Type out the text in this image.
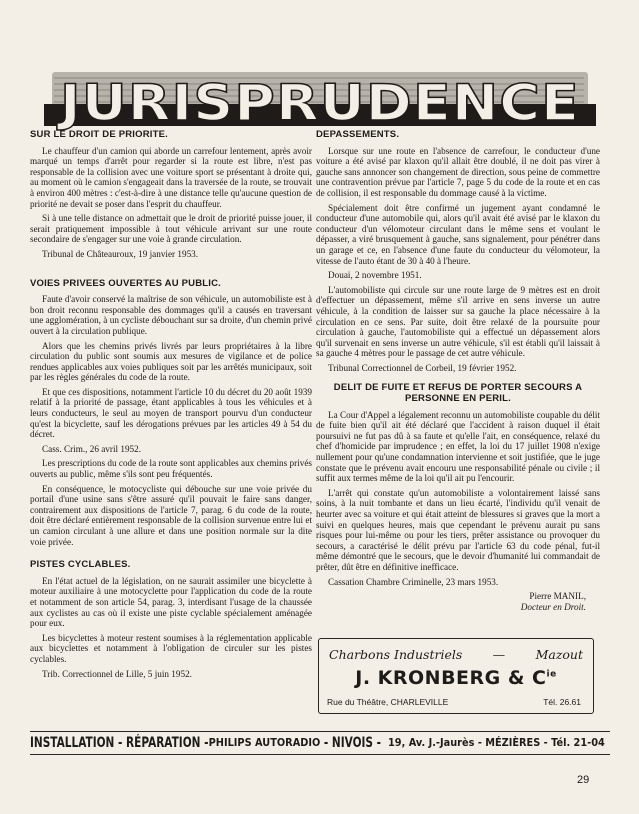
JURISPRUDENCE
SUR LE DROIT DE PRIORITE.

Le chauffeur d'un camion qui aborde un carrefour lentement, après avoir marqué un temps d'arrêt pour regarder si la route est libre, n'est pas responsable de la collision avec une voiture sport se présentant à droite qui, au moment où le camion s'engageait dans la traversée de la route, se trouvait à environ 400 mètres : c'est-à-dire à une distance telle qu'aucune question de priorité ne devait se poser dans l'esprit du chauffeur.

Si à une telle distance on admettait que le droit de priorité puisse jouer, il serait pratiquement impossible à tout véhicule arrivant sur une route secondaire de s'engager sur une voie à grande circulation.

Tribunal de Châteauroux, 19 janvier 1953.

VOIES PRIVEES OUVERTES AU PUBLIC.

Faute d'avoir conservé la maîtrise de son véhicule, un automobiliste est à bon droit reconnu responsable des dommages qu'il a causés en traversant une agglomération, à un cycliste débouchant sur sa droite, d'un chemin privé ouvert à la circulation publique.

Alors que les chemins privés livrés par leurs propriétaires à la libre circulation du public sont soumis aux mesures de vigilance et de police rendues applicables aux voies publiques soit par les arrêtés municipaux, soit par les règles générales du code de la route.

Et que ces dispositions, notamment l'article 10 du décret du 20 août 1939 relatif à la priorité de passage, étant applicables à tous les véhicules et à leurs conducteurs, le seul au moyen de transport pourvu d'un conducteur qu'est la bicyclette, sauf les dérogations prévues par les articles 49 à 54 du décret.

Cass. Crim., 26 avril 1952.

Les prescriptions du code de la route sont applicables aux chemins privés ouverts au public, même s'ils sont peu fréquentés.

En conséquence, le motocycliste qui débouche sur une voie privée du portail d'une usine sans s'être assuré qu'il pouvait le faire sans danger, contrairement aux dispositions de l'article 7, parag. 6 du code de la route, doit être déclaré entièrement responsable de la collision survenue entre lui et un camion circulant à une allure et dans une position normale sur la dite voie privée.

PISTES CYCLABLES.

En l'état actuel de la législation, on ne saurait assimiler une bicyclette à moteur auxiliaire à une motocyclette pour l'application du code de la route et notamment de son article 54, parag. 3, interdisant l'usage de la chaussée aux cyclistes au cas où il existe une piste cyclable spécialement aménagée pour eux.

Les bicyclettes à moteur restent soumises à la réglementation applicable aux bicyclettes et notamment à l'obligation de circuler sur les pistes cyclables.

Trib. Correctionnel de Lille, 5 juin 1952.

DEPASSEMENTS.

Lorsque sur une route en l'absence de carrefour, le conducteur d'une voiture a été avisé par klaxon qu'il allait être doublé, il ne doit pas virer à gauche sans annoncer son changement de direction, sous peine de commettre une contravention prévue par l'article 7, page 5 du code de la route et en cas de collision, il est responsable du dommage causé à la victime.

Spécialement doit être confirmé un jugement ayant condamné le conducteur d'une automobile qui, alors qu'il avait été avisé par le klaxon du conducteur d'un vélomoteur circulant dans le même sens et voulant le dépasser, a viré brusquement à gauche, sans signalement, pour pénétrer dans un garage et ce, en l'absence d'une faute du conducteur du vélomoteur, la vitesse de l'auto étant de 30 à 40 à l'heure.

Douai, 2 novembre 1951.

L'automobiliste qui circule sur une route large de 9 mètres est en droit d'effectuer un dépassement, même s'il arrive en sens inverse un autre véhicule, à la condition de laisser sur sa gauche la place nécessaire à la circulation en ce sens. Par suite, doit être relaxé de la poursuite pour circulation à gauche, l'automobiliste qui a effectué un dépassement alors qu'il survenait en sens inverse un autre véhicule, s'il est établi qu'il laissait à sa gauche 4 mètres pour le passage de cet autre véhicule.

Tribunal Correctionnel de Corbeil, 19 février 1952.

DELIT DE FUITE ET REFUS DE PORTER SECOURS A PERSONNE EN PERIL.

La Cour d'Appel a légalement reconnu un automobiliste coupable du délit de fuite bien qu'il ait été déclaré que l'accident à raison duquel il était poursuivi ne fut pas dû à sa faute et qu'elle l'ait, en conséquence, relaxé du chef d'homicide par imprudence ; en effet, la loi du 17 juillet 1908 n'exige nullement pour qu'une condamnation intervienne et soit justifiée, que le juge constate que le prévenu avait encouru une responsabilité pénale ou civile ; il suffit aux termes même de la loi qu'il ait pu l'encourir.

L'arrêt qui constate qu'un automobiliste a volontairement laissé sans soins, à la nuit tombante et dans un lieu écarté, l'individu qu'il venait de heurter avec sa voiture et qui était atteint de blessures si graves que la mort a suivi en quelques heures, mais que cependant le prévenu aurait pu sans risques pour lui-même ou pour les tiers, prêter assistance ou provoquer du secours, a caractérisé le délit prévu par l'article 63 du code pénal, fut-il même démontré que le secours, que le devoir d'humanité lui commandait de prêter, dût être en définitive inefficace.

Cassation Chambre Criminelle, 23 mars 1953.

Pierre MANIL,
Docteur en Droit.
Charbons Industriels — Mazout
J. KRONBERG & $C^{ie}$
Rue du Théâtre, CHARLEVILLE	Tél. 26.61
INSTALLATION - RÉPARATION - PHILIPS AUTORADIO - NIVOIS - 19, Av. J.-Jaurès - MÉZIÈRES - Tél. 21-04
29
